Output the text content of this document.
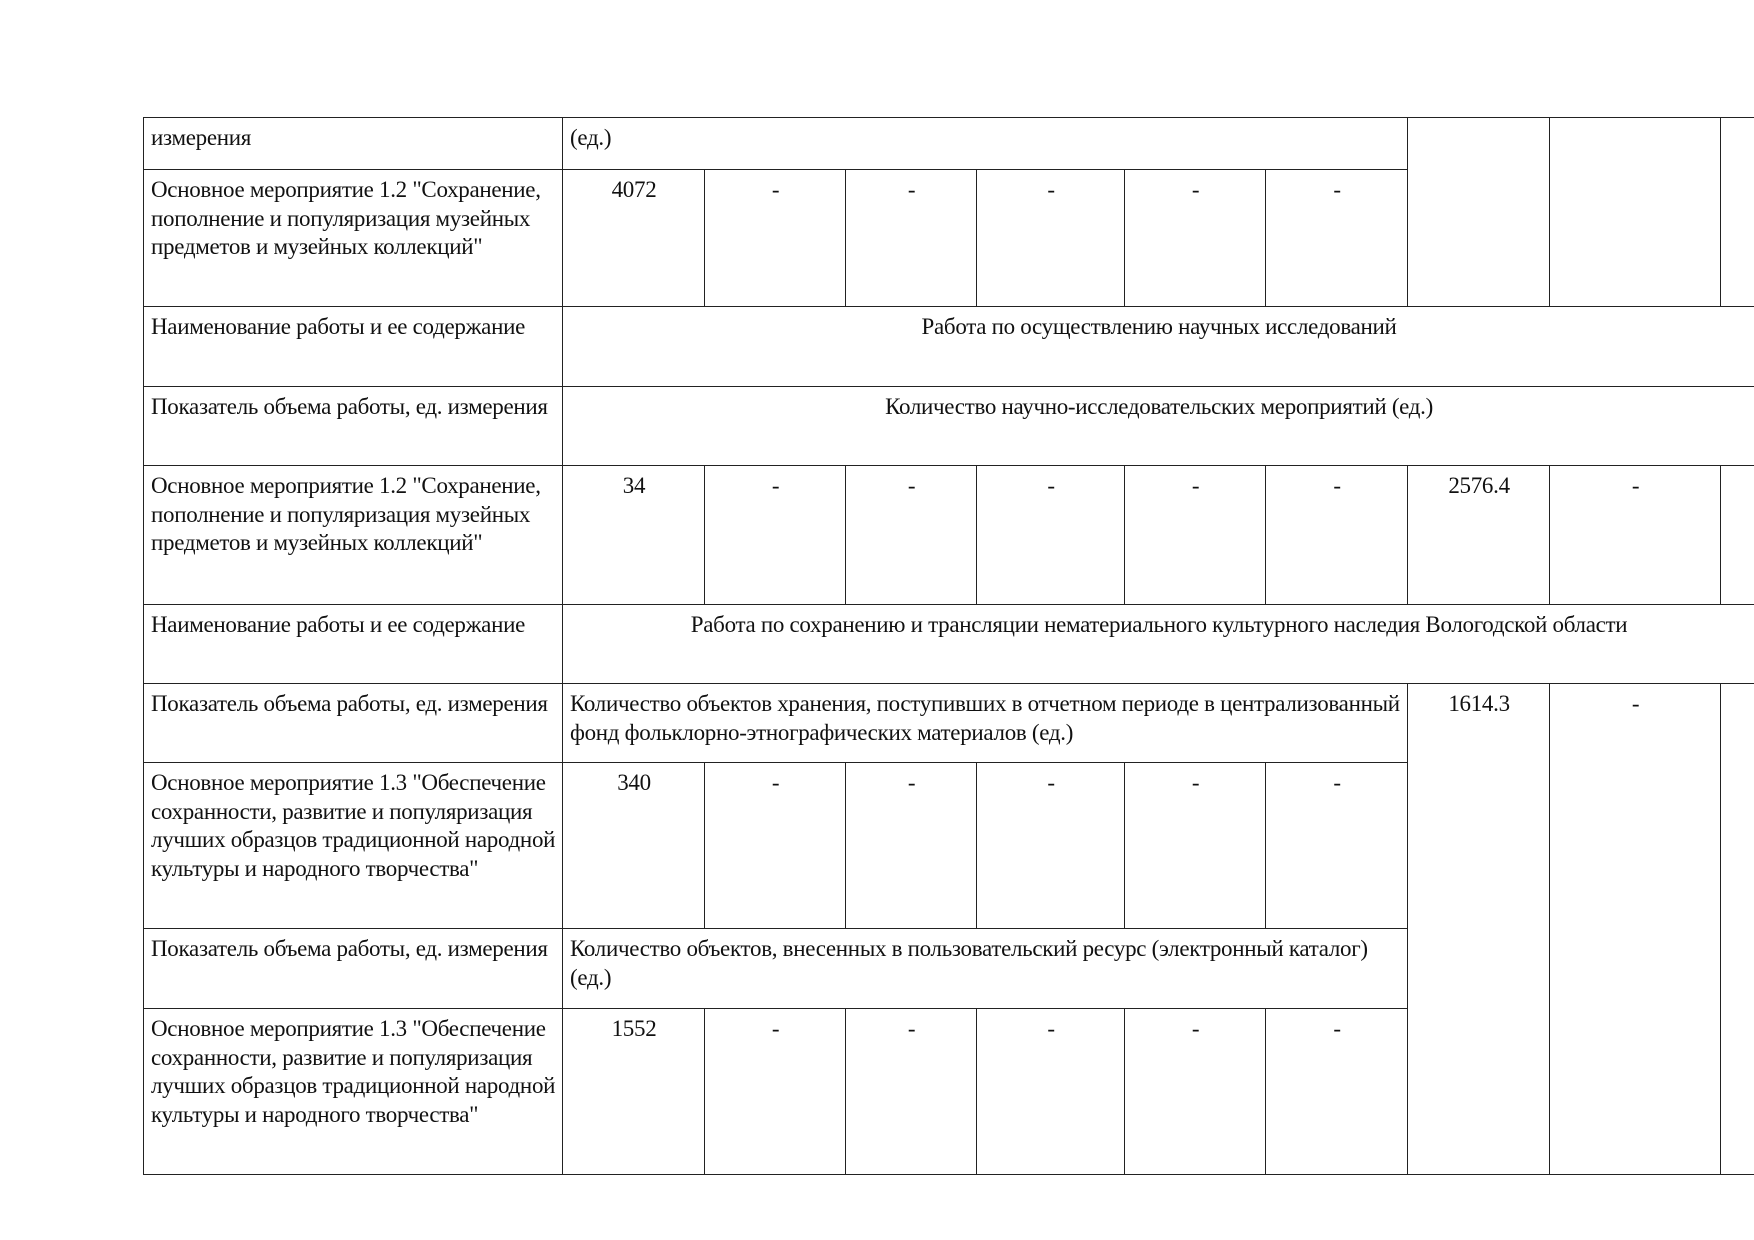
измерения	(ед.)								
Основное мероприятие 1.2 "Сохранение, пополнение и популяризация музейных предметов и музейных коллекций"	4072	-	-	-	-	-			
Наименование работы и ее содержание	Работа по осуществлению научных исследований								
Показатель объема работы, ед. измерения	Количество научно-исследовательских мероприятий (ед.)								
Основное мероприятие 1.2 "Сохранение, пополнение и популяризация музейных предметов и музейных коллекций"	34	-	-	-	-	-	2576.4	-	
Наименование работы и ее содержание	Работа по сохранению и трансляции нематериального культурного наследия Вологодской области								
Показатель объема работы, ед. измерения	Количество объектов хранения, поступивших в отчетном периоде в централизованный фонд фольклорно-этнографических материалов (ед.)						1614.3	-	
Основное мероприятие 1.3 "Обеспечение сохранности, развитие и популяризация лучших образцов традиционной народной культуры и народного творчества"	340	-	-	-	-	-			
Показатель объема работы, ед. измерения	Количество объектов, внесенных в пользовательский ресурс (электронный каталог) (ед.)								
Основное мероприятие 1.3 "Обеспечение сохранности, развитие и популяризация лучших образцов традиционной народной культуры и народного творчества"	1552	-	-	-	-	-			
